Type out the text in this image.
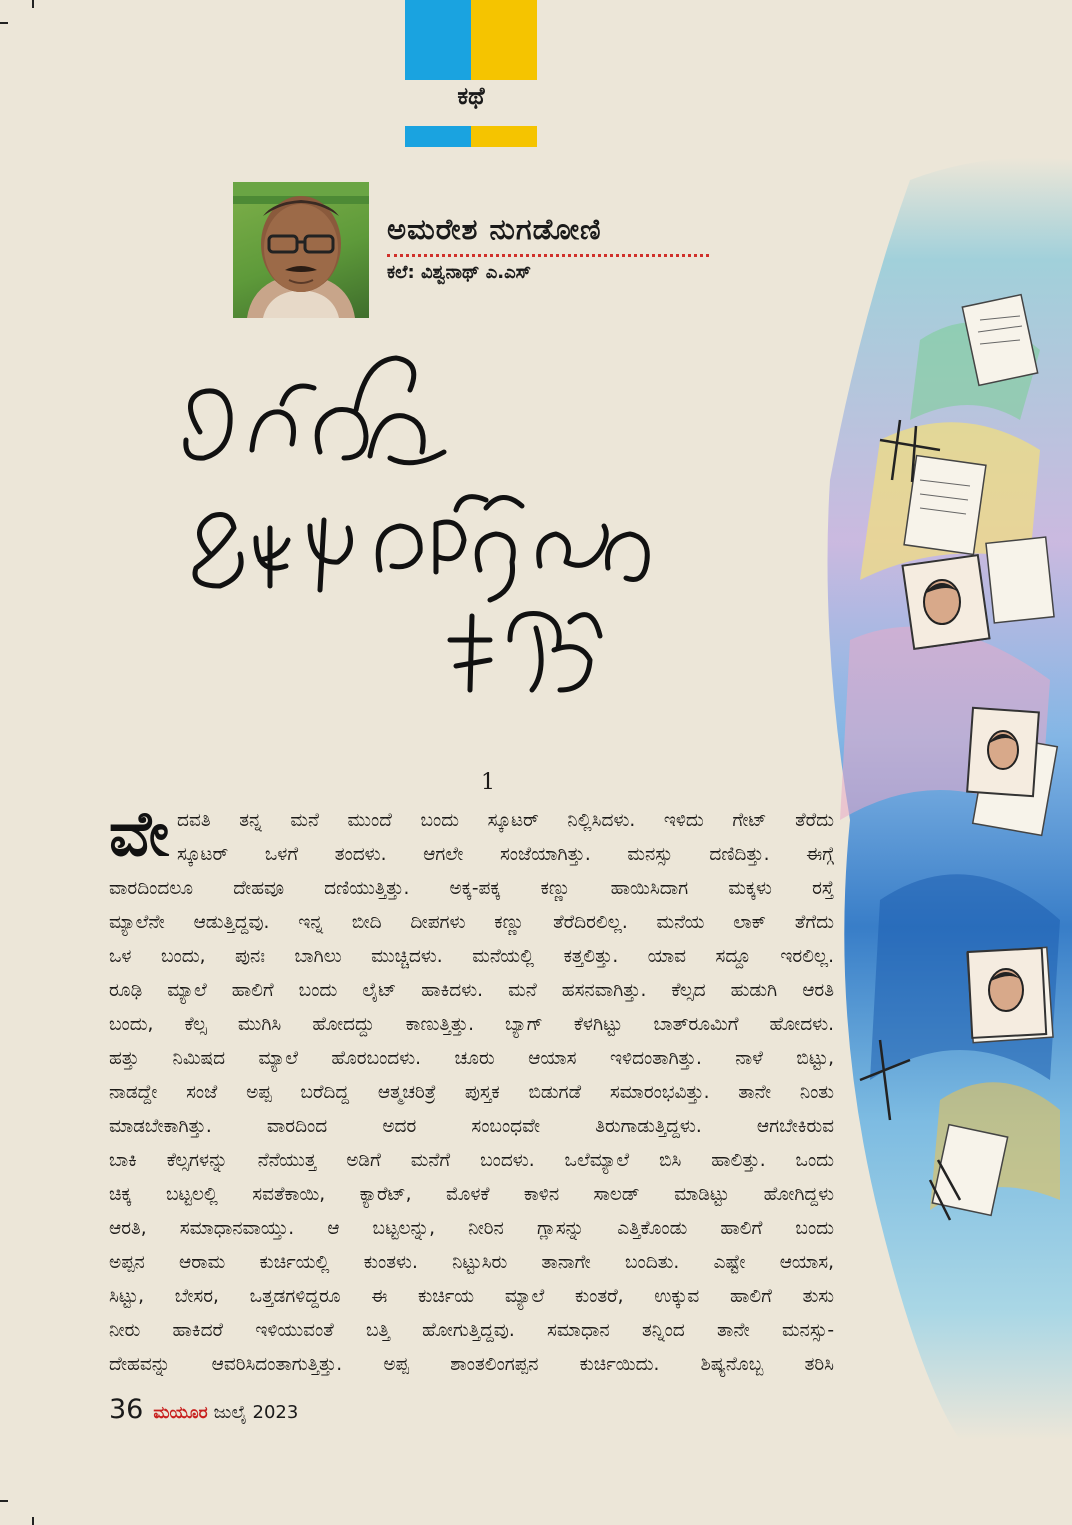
ಕಥೆ
ಅಮರೇಶ ನುಗಡೋಣಿ
ಕಲೆ: ವಿಶ್ವನಾಥ್ ಎ.ಎಸ್
1
ವೇ ದವತಿ ತನ್ನ ಮನೆ ಮುಂದೆ ಬಂದು ಸ್ಕೂಟರ್ ನಿಲ್ಲಿಸಿದಳು. ಇಳಿದು ಗೇಟ್ ತೆರೆದು
ಸ್ಕೂಟರ್ ಒಳಗೆ ತಂದಳು. ಆಗಲೇ ಸಂಜೆಯಾಗಿತ್ತು. ಮನಸ್ಸು ದಣಿದಿತ್ತು. ಈಗ್ಗೆ
ವಾರದಿಂದಲೂ ದೇಹವೂ ದಣಿಯುತ್ತಿತ್ತು. ಅಕ್ಕ-ಪಕ್ಕ ಕಣ್ಣು ಹಾಯಿಸಿದಾಗ ಮಕ್ಕಳು ರಸ್ತೆ
ಮ್ಯಾಲೆನೇ ಆಡುತ್ತಿದ್ದವು. ಇನ್ನ ಬೀದಿ ದೀಪಗಳು ಕಣ್ಣು ತೆರೆದಿರಲಿಲ್ಲ. ಮನೆಯ ಲಾಕ್ ತೆಗೆದು
ಒಳ ಬಂದು, ಪುನಃ ಬಾಗಿಲು ಮುಚ್ಚಿದಳು. ಮನೆಯಲ್ಲಿ ಕತ್ತಲಿತ್ತು. ಯಾವ ಸದ್ದೂ ಇರಲಿಲ್ಲ.
ರೂಢಿ ಮ್ಯಾಲೆ ಹಾಲಿಗೆ ಬಂದು ಲೈಟ್ ಹಾಕಿದಳು. ಮನೆ ಹಸನವಾಗಿತ್ತು. ಕೆಲ್ಸದ ಹುಡುಗಿ ಆರತಿ
ಬಂದು, ಕೆಲ್ಸ ಮುಗಿಸಿ ಹೋದದ್ದು ಕಾಣುತ್ತಿತ್ತು. ಬ್ಯಾಗ್ ಕೆಳಗಿಟ್ಟು ಬಾತ್‌ರೂಮಿಗೆ ಹೋದಳು.
ಹತ್ತು ನಿಮಿಷದ ಮ್ಯಾಲೆ ಹೊರಬಂದಳು. ಚೂರು ಆಯಾಸ ಇಳಿದಂತಾಗಿತ್ತು. ನಾಳೆ ಬಿಟ್ಟು,
ನಾಡದ್ದೇ ಸಂಜೆ ಅಪ್ಪ ಬರೆದಿದ್ದ ಆತ್ಮಚರಿತ್ರೆ ಪುಸ್ತಕ ಬಿಡುಗಡೆ ಸಮಾರಂಭವಿತ್ತು. ತಾನೇ ನಿಂತು
ಮಾಡಬೇಕಾಗಿತ್ತು. ವಾರದಿಂದ ಅದರ ಸಂಬಂಧವೇ ತಿರುಗಾಡುತ್ತಿದ್ದಳು. ಆಗಬೇಕಿರುವ
ಬಾಕಿ ಕೆಲ್ಸಗಳನ್ನು ನೆನೆಯುತ್ತ ಅಡಿಗೆ ಮನೆಗೆ ಬಂದಳು. ಒಲೆಮ್ಯಾಲೆ ಬಿಸಿ ಹಾಲಿತ್ತು. ಒಂದು
ಚಿಕ್ಕ ಬಟ್ಟಲಲ್ಲಿ ಸವತೆಕಾಯಿ, ಕ್ಯಾರೆಟ್, ಮೊಳಕೆ ಕಾಳಿನ ಸಾಲಡ್ ಮಾಡಿಟ್ಟು ಹೋಗಿದ್ದಳು
ಆರತಿ, ಸಮಾಧಾನವಾಯ್ತು. ಆ ಬಟ್ಟಲನ್ನು, ನೀರಿನ ಗ್ಲಾಸನ್ನು ಎತ್ತಿಕೊಂಡು ಹಾಲಿಗೆ ಬಂದು
ಅಪ್ಪನ ಆರಾಮ ಕುರ್ಚಿಯಲ್ಲಿ ಕುಂತಳು. ನಿಟ್ಟುಸಿರು ತಾನಾಗೇ ಬಂದಿತು. ಎಷ್ಟೇ ಆಯಾಸ,
ಸಿಟ್ಟು, ಬೇಸರ, ಒತ್ತಡಗಳಿದ್ದರೂ ಈ ಕುರ್ಚಿಯ ಮ್ಯಾಲೆ ಕುಂತರೆ, ಉಕ್ಕುವ ಹಾಲಿಗೆ ತುಸು
ನೀರು ಹಾಕಿದರೆ ಇಳಿಯುವಂತೆ ಬತ್ತಿ ಹೋಗುತ್ತಿದ್ದವು. ಸಮಾಧಾನ ತನ್ನಿಂದ ತಾನೇ ಮನಸ್ಸು-
ದೇಹವನ್ನು ಆವರಿಸಿದಂತಾಗುತ್ತಿತ್ತು. ಅಪ್ಪ ಶಾಂತಲಿಂಗಪ್ಪನ ಕುರ್ಚಿಯಿದು. ಶಿಷ್ಯನೊಬ್ಬ ತರಿಸಿ
36 ಮಯೂರ ಜುಲೈ 2023
